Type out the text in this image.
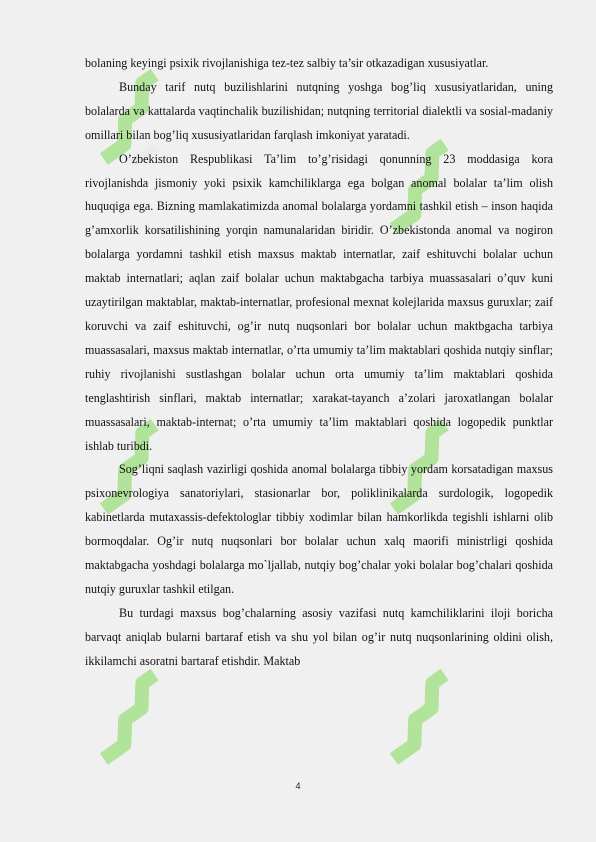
bolaning keyingi psixik rivojlanishiga tez-tez salbiy ta’sir otkazadigan xususiyatlar.

Bunday tarif nutq buzilishlarini nutqning yoshga bog’liq xususiyatlaridan, uning bolalarda va kattalarda vaqtinchalik buzilishidan; nutqning territorial dialektli va sosial-madaniy omillari bilan bog’liq xususiyatlaridan farqlash imkoniyat yaratadi.

O’zbekiston Respublikasi Ta’lim to’g’risidagi qonunning 23 moddasiga kora rivojlanishda jismoniy yoki psixik kamchiliklarga ega bolgan anomal bolalar ta’lim olish huquqiga ega. Bizning mamlakatimizda anomal bolalarga yordamni tashkil etish – inson haqida g’amxorlik korsatilishining yorqin namunalaridan biridir. O’zbekistonda anomal va nogiron bolalarga yordamni tashkil etish maxsus maktab internatlar, zaif eshituvchi bolalar uchun maktab internatlari; aqlan zaif bolalar uchun maktabgacha tarbiya muassasalari o’quv kuni uzaytirilgan maktablar, maktab-internatlar, profesional mexnat kolejlarida maxsus guruxlar; zaif koruvchi va zaif eshituvchi, og’ir nutq nuqsonlari bor bolalar uchun maktbgacha tarbiya muassasalari, maxsus maktab internatlar, o’rta umumiy ta’lim maktablari qoshida nutqiy sinflar; ruhiy rivojlanishi sustlashgan bolalar uchun orta umumiy ta’lim maktablari qoshida tenglashtirish sinflari, maktab internatlar; xarakat-tayanch a’zolari jaroxatlangan bolalar muassasalari, maktab-internat; o’rta umumiy ta’lim maktablari qoshida logopedik punktlar ishlab turibdi.

Sog’liqni saqlash vazirligi qoshida anomal bolalarga tibbiy yordam korsatadigan maxsus psixonevrologiya sanatoriylari, stasionarlar bor, poliklinikalarda surdologik, logopedik kabinetlarda mutaxassis-defektologlar tibbiy xodimlar bilan hamkorlikda tegishli ishlarni olib bormoqdalar. Og’ir nutq nuqsonlari bor bolalar uchun xalq maorifi ministrligi qoshida maktabgacha yoshdagi bolalarga mo`ljallab, nutqiy bog’chalar yoki bolalar bog’chalari qoshida nutqiy guruxlar tashkil etilgan.

Bu turdagi maxsus bog’chalarning asosiy vazifasi nutq kamchiliklarini iloji boricha barvaqt aniqlab bularni bartaraf etish va shu yol bilan og’ir nutq nuqsonlarining oldini olish, ikkilamchi asoratni bartaraf etishdir. Maktab

4
